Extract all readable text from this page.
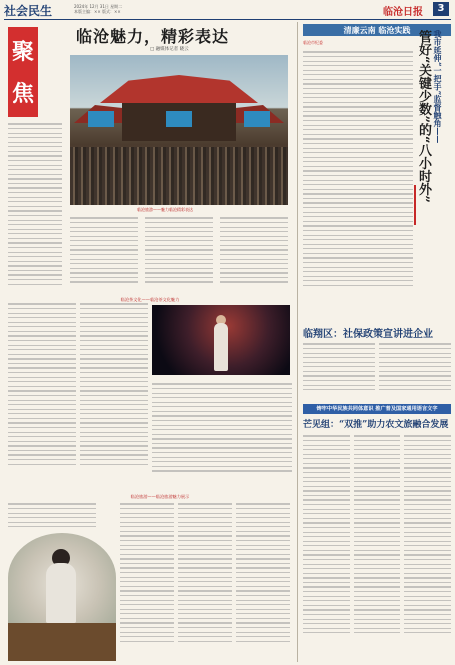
社会民生	2024年 12月 31日 星期二
本版主编：×× 版式：××	临沧日报	3
聚
焦
临沧魅力，精彩表达
□ 融媒体记者 晓云
临沧旅游——魅力临沧精彩表达
清廉云南 临沧实践
临沧市纪委	我市延伸“一把手”监督触角——
管好“关键少数”的“八小时外”
临翔区：社保政策宣讲进企业
铸牢中华民族共同体意识 推广普及国家通用语言文字
芒见组：“双推”助力农文旅融合发展
临沧茶文化——临沧茶文化魅力
临沧旅游——临沧旅游魅力展示
